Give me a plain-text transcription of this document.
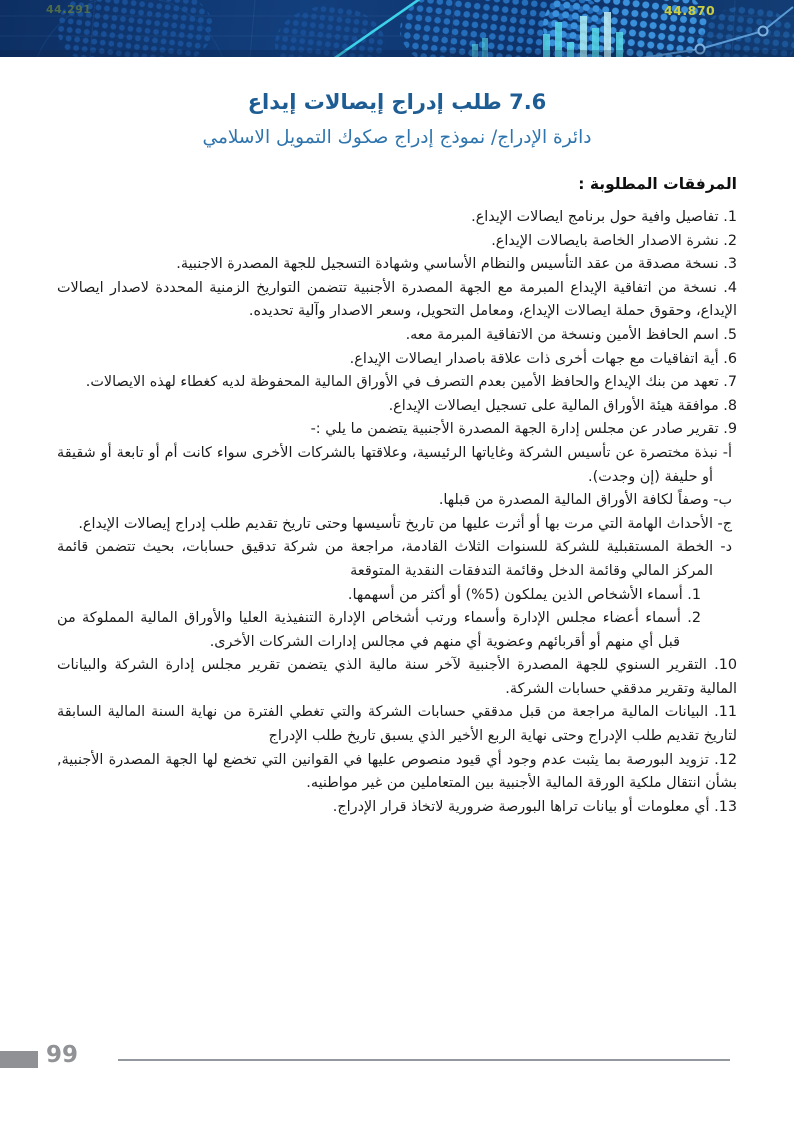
44.291	44.870
7.6 طلب إدراج إيصالات إيداع
دائرة الإدراج/ نموذج إدراج صكوك التمويل الاسلامي
المرفقات المطلوبة :

1. تفاصيل وافية حول برنامج ايصالات الإيداع.

2. نشرة الاصدار الخاصة بايصالات الإيداع.

3. نسخة مصدقة من عقد التأسيس والنظام الأساسي وشهادة التسجيل للجهة المصدرة الاجنبية.

4. نسخة من اتفاقية الإيداع المبرمة مع الجهة المصدرة الأجنبية تتضمن التواريخ الزمنية المحددة لاصدار ايصالات الإيداع، وحقوق حملة ايصالات الإيداع، ومعامل التحويل، وسعر الاصدار وآلية تحديده.

5. اسم الحافظ الأمين ونسخة من الاتفاقية المبرمة معه.

6. أية اتفاقيات مع جهات أخرى ذات علاقة باصدار ايصالات الإيداع.

7. تعهد من بنك الإيداع والحافظ الأمين بعدم التصرف في الأوراق المالية المحفوظة لديه كغطاء لهذه الايصالات.

8. موافقة هيئة الأوراق المالية على تسجيل ايصالات الإيداع.

9. تقرير صادر عن مجلس إدارة الجهة المصدرة الأجنبية يتضمن ما يلي :-

أ- نبذة مختصرة عن تأسيس الشركة وغاياتها الرئيسية، وعلاقتها بالشركات الأخرى سواء كانت أم أو تابعة أو شقيقة أو حليفة (إن وجدت).

ب- وصفاً لكافة الأوراق المالية المصدرة من قبلها.

ج- الأحداث الهامة التي مرت بها أو أثرت عليها من تاريخ تأسيسها وحتى تاريخ تقديم طلب إدراج إيصالات الإيداع.

د- الخطة المستقبلية للشركة للسنوات الثلاث القادمة، مراجعة من شركة تدقيق حسابات، بحيث تتضمن قائمة المركز المالي وقائمة الدخل وقائمة التدفقات النقدية المتوقعة

1. أسماء الأشخاص الذين يملكون (5%) أو أكثر من أسهمها.

2. أسماء أعضاء مجلس الإدارة وأسماء ورتب أشخاص الإدارة التنفيذية العليا والأوراق المالية المملوكة من قبل أي منهم أو أقربائهم وعضوية أي منهم في مجالس إدارات الشركات الأخرى.

10. التقرير السنوي للجهة المصدرة الأجنبية لآخر سنة مالية الذي يتضمن تقرير مجلس إدارة الشركة والبيانات المالية وتقرير مدققي حسابات الشركة.

11. البيانات المالية مراجعة من قبل مدققي حسابات الشركة والتي تغطي الفترة من نهاية السنة المالية السابقة لتاريخ تقديم طلب الإدراج وحتى نهاية الربع الأخير الذي يسبق تاريخ طلب الإدراج

12. تزويد البورصة بما يثبت عدم وجود أي قيود منصوص عليها في القوانين التي تخضع لها الجهة المصدرة الأجنبية, بشأن انتقال ملكية الورقة المالية الأجنبية بين المتعاملين من غير مواطنيه.

13. أي معلومات أو بيانات تراها البورصة ضرورية لاتخاذ قرار الإدراج.

99
